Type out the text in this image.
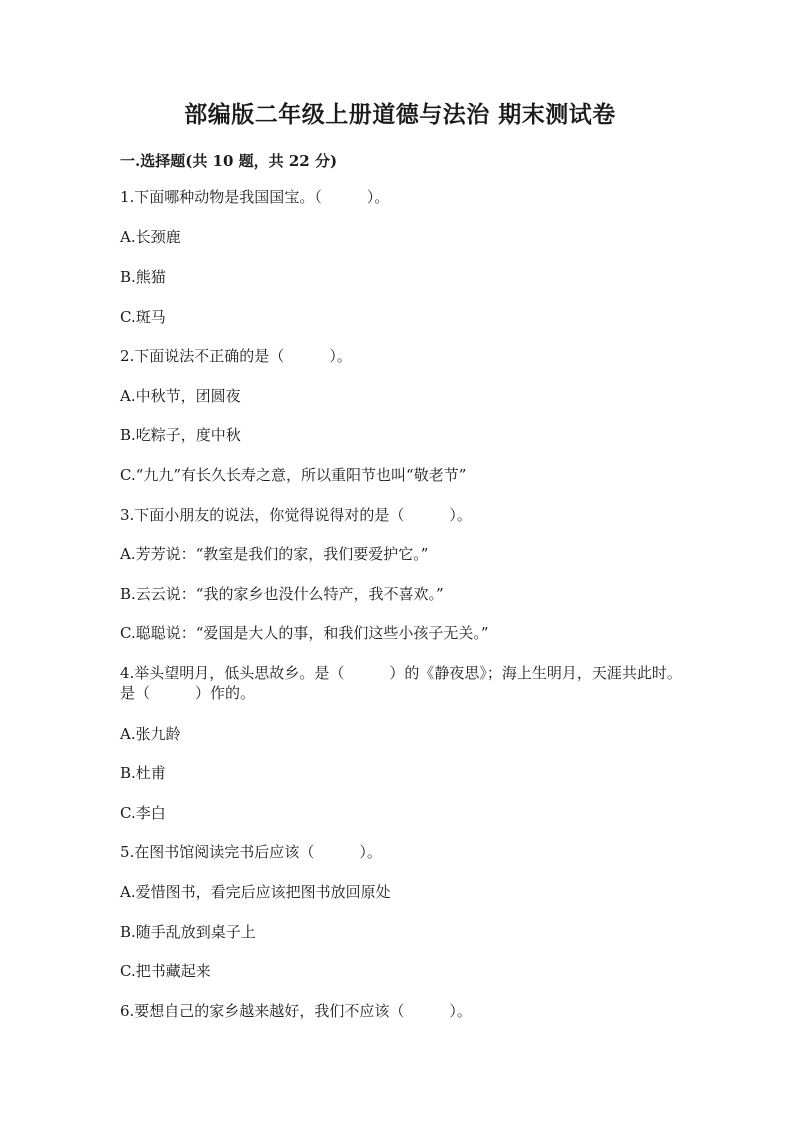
部编版二年级上册道德与法治 期末测试卷
一.选择题(共 10 题，共 22 分)
1.下面哪种动物是我国国宝。（　　　）。
A.长颈鹿
B.熊猫
C.斑马
2.下面说法不正确的是（　　　）。
A.中秋节，团圆夜
B.吃粽子，度中秋
C.“九九”有长久长寿之意，所以重阳节也叫“敬老节”
3.下面小朋友的说法，你觉得说得对的是（　　　）。
A.芳芳说：“教室是我们的家，我们要爱护它。”
B.云云说：“我的家乡也没什么特产，我不喜欢。”
C.聪聪说：“爱国是大人的事，和我们这些小孩子无关。”
4.举头望明月，低头思故乡。是（　　　）的《静夜思》；海上生明月，天涯共此时。是（　　　）作的。
A.张九龄
B.杜甫
C.李白
5.在图书馆阅读完书后应该（　　　）。
A.爱惜图书，看完后应该把图书放回原处
B.随手乱放到桌子上
C.把书藏起来
6.要想自己的家乡越来越好，我们不应该（　　　）。
